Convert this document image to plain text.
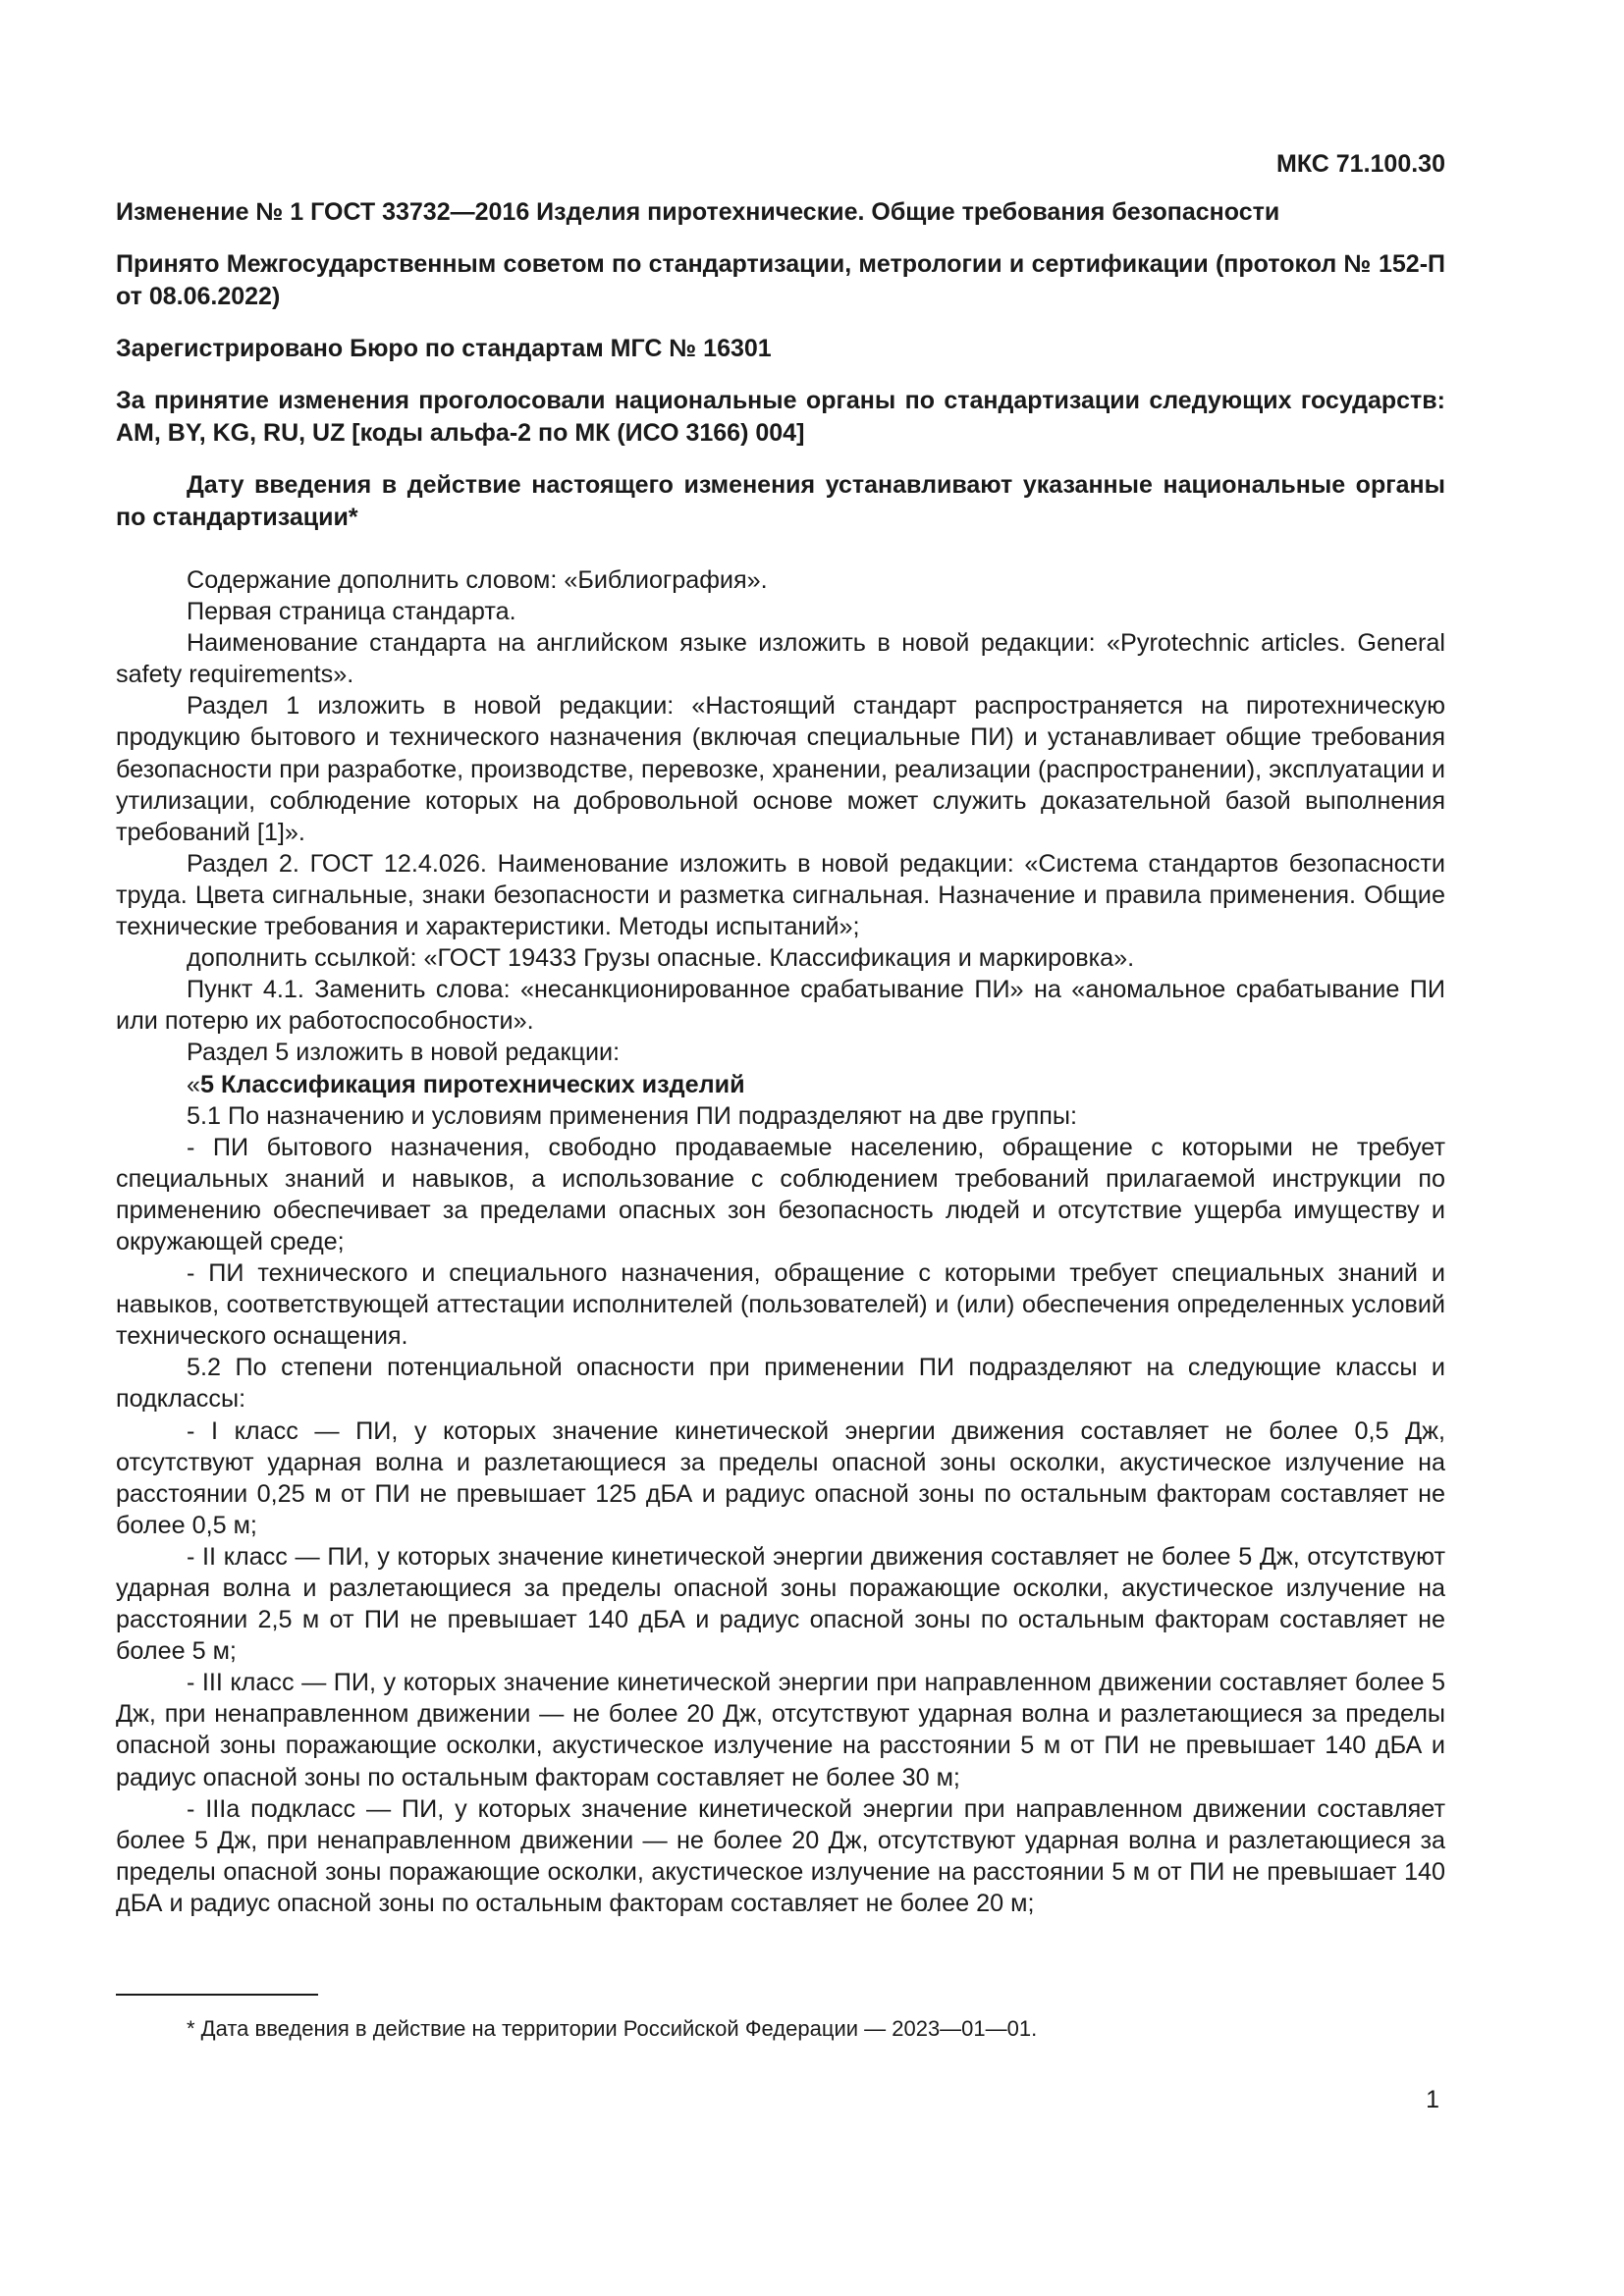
МКС 71.100.30

Изменение № 1 ГОСТ 33732—2016 Изделия пиротехнические. Общие требования безопасности

Принято Межгосударственным советом по стандартизации, метрологии и сертификации (протокол № 152-П от 08.06.2022)

Зарегистрировано Бюро по стандартам МГС № 16301

За принятие изменения проголосовали национальные органы по стандартизации следующих государств: AM, BY, KG, RU, UZ [коды альфа-2 по МК (ИСО 3166) 004]

Дату введения в действие настоящего изменения устанавливают указанные национальные органы по стандартизации*

Содержание дополнить словом: «Библиография».

Первая страница стандарта.

Наименование стандарта на английском языке изложить в новой редакции: «Pyrotechnic articles. General safety requirements».

Раздел 1 изложить в новой редакции: «Настоящий стандарт распространяется на пиротехническую продукцию бытового и технического назначения (включая специальные ПИ) и устанавливает общие требования безопасности при разработке, производстве, перевозке, хранении, реализации (распространении), эксплуатации и утилизации, соблюдение которых на добровольной основе может служить доказательной базой выполнения требований [1]».

Раздел 2. ГОСТ 12.4.026. Наименование изложить в новой редакции: «Система стандартов безопасности труда. Цвета сигнальные, знаки безопасности и разметка сигнальная. Назначение и правила применения. Общие технические требования и характеристики. Методы испытаний»;

дополнить ссылкой: «ГОСТ 19433 Грузы опасные. Классификация и маркировка».

Пункт 4.1. Заменить слова: «несанкционированное срабатывание ПИ» на «аномальное срабатывание ПИ или потерю их работоспособности».

Раздел 5 изложить в новой редакции:

«5 Классификация пиротехнических изделий

5.1 По назначению и условиям применения ПИ подразделяют на две группы:

- ПИ бытового назначения, свободно продаваемые населению, обращение с которыми не требует специальных знаний и навыков, а использование с соблюдением требований прилагаемой инструкции по применению обеспечивает за пределами опасных зон безопасность людей и отсутствие ущерба имуществу и окружающей среде;

- ПИ технического и специального назначения, обращение с которыми требует специальных знаний и навыков, соответствующей аттестации исполнителей (пользователей) и (или) обеспечения определенных условий технического оснащения.

5.2 По степени потенциальной опасности при применении ПИ подразделяют на следующие классы и подклассы:

- I класс — ПИ, у которых значение кинетической энергии движения составляет не более 0,5 Дж, отсутствуют ударная волна и разлетающиеся за пределы опасной зоны осколки, акустическое излучение на расстоянии 0,25 м от ПИ не превышает 125 дБА и радиус опасной зоны по остальным факторам составляет не более 0,5 м;

- II класс — ПИ, у которых значение кинетической энергии движения составляет не более 5 Дж, отсутствуют ударная волна и разлетающиеся за пределы опасной зоны поражающие осколки, акустическое излучение на расстоянии 2,5 м от ПИ не превышает 140 дБА и радиус опасной зоны по остальным факторам составляет не более 5 м;

- III класс — ПИ, у которых значение кинетической энергии при направленном движении составляет более 5 Дж, при ненаправленном движении — не более 20 Дж, отсутствуют ударная волна и разлетающиеся за пределы опасной зоны поражающие осколки, акустическое излучение на расстоянии 5 м от ПИ не превышает 140 дБА и радиус опасной зоны по остальным факторам составляет не более 30 м;

- IIIa подкласс — ПИ, у которых значение кинетической энергии при направленном движении составляет более 5 Дж, при ненаправленном движении — не более 20 Дж, отсутствуют ударная волна и разлетающиеся за пределы опасной зоны поражающие осколки, акустическое излучение на расстоянии 5 м от ПИ не превышает 140 дБА и радиус опасной зоны по остальным факторам составляет не более 20 м;

* Дата введения в действие на территории Российской Федерации — 2023—01—01.
1
